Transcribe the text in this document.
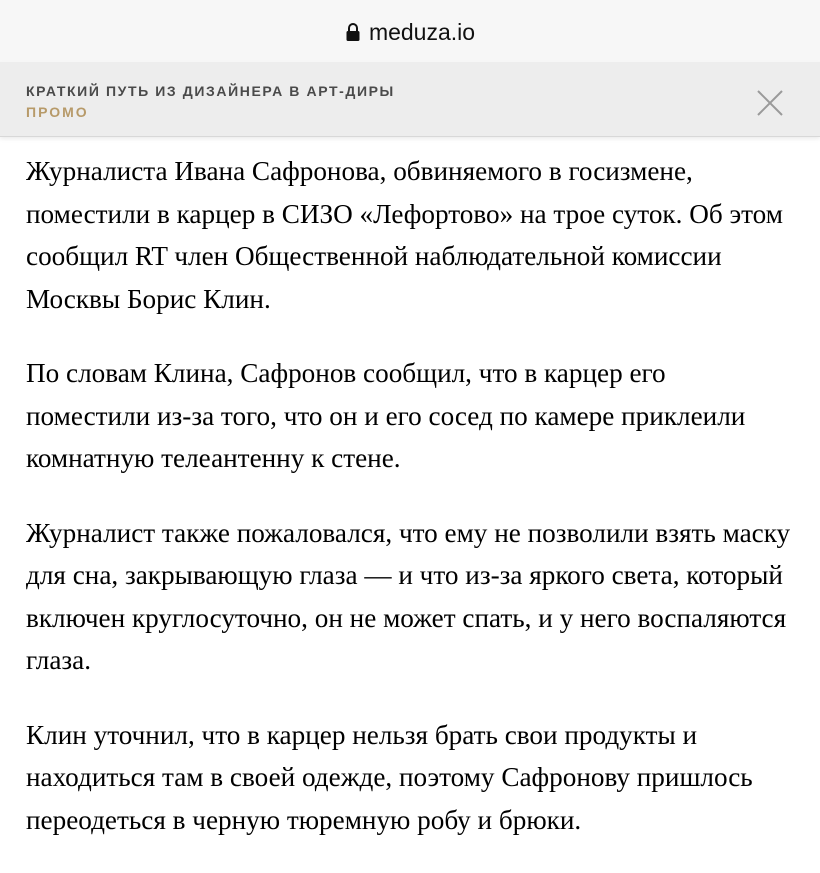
meduza.io
КРАТКИЙ ПУТЬ ИЗ ДИЗАЙНЕРА В АРТ-ДИРЫ
ПРОМО

Журналиста Ивана Сафронова, обвиняемого в госизмене, поместили в карцер в СИЗО «Лефортово» на трое суток. Об этом сообщил RT член Общественной наблюдательной комиссии Москвы Борис Клин.

По словам Клина, Сафронов сообщил, что в карцер его поместили из-за того, что он и его сосед по камере приклеили комнатную телеантенну к стене.

Журналист также пожаловался, что ему не позволили взять маску для сна, закрывающую глаза — и что из-за яркого света, который включен круглосуточно, он не может спать, и у него воспаляются глаза.

Клин уточнил, что в карцер нельзя брать свои продукты и находиться там в своей одежде, поэтому Сафронову пришлось переодеться в черную тюремную робу и брюки.
